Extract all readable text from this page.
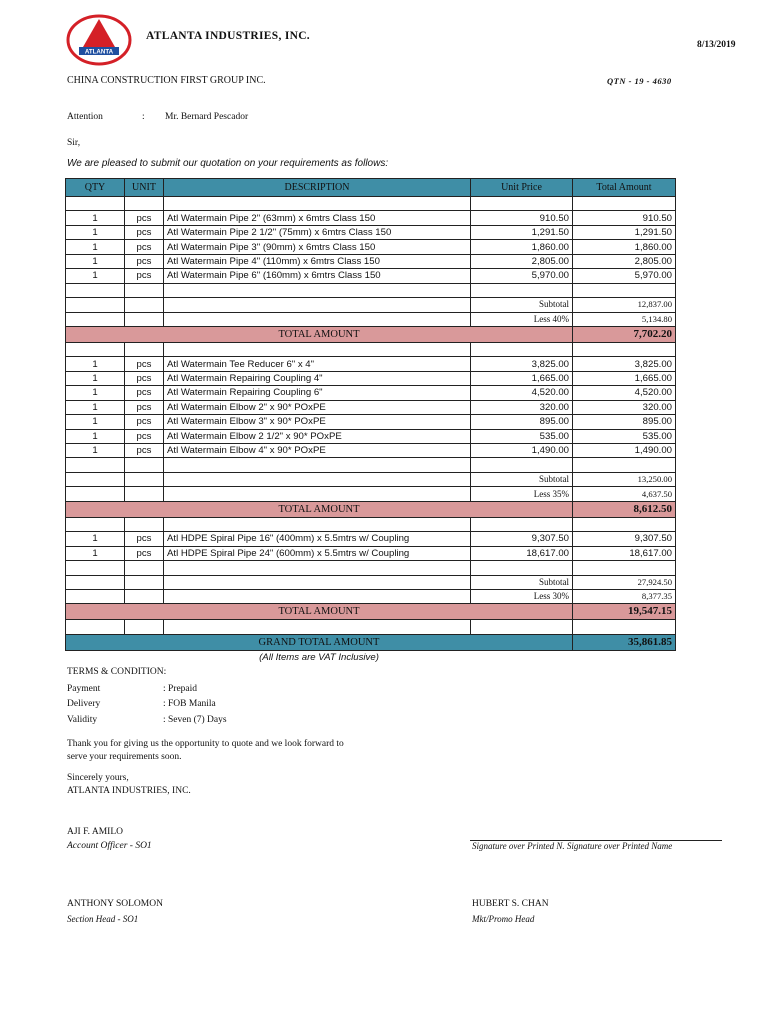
ATLANTA
ATLANTA INDUSTRIES, INC.
8/13/2019
CHINA CONSTRUCTION FIRST GROUP INC.	QTN - 19 - 4630
Attention	: Mr. Bernard Pescador
Sir,
We are pleased to submit our quotation on your requirements as follows:
QTY	UNIT	DESCRIPTION	Unit Price	Total Amount

1	pcs	Atl Watermain Pipe 2" (63mm) x 6mtrs Class 150	910.50	910.50
1	pcs	Atl Watermain Pipe 2 1/2" (75mm) x 6mtrs Class 150	1,291.50	1,291.50
1	pcs	Atl Watermain Pipe 3" (90mm) x 6mtrs Class 150	1,860.00	1,860.00
1	pcs	Atl Watermain Pipe 4" (110mm) x 6mtrs Class 150	2,805.00	2,805.00
1	pcs	Atl Watermain Pipe 6" (160mm) x 6mtrs Class 150	5,970.00	5,970.00

			Subtotal	12,837.00
			Less 40%	5,134.80
TOTAL AMOUNT				7,702.20

1	pcs	Atl Watermain Tee Reducer 6" x 4"	3,825.00	3,825.00
1	pcs	Atl Watermain Repairing Coupling 4"	1,665.00	1,665.00
1	pcs	Atl Watermain Repairing Coupling 6"	4,520.00	4,520.00
1	pcs	Atl Watermain Elbow 2" x 90* POxPE	320.00	320.00
1	pcs	Atl Watermain Elbow 3" x 90* POxPE	895.00	895.00
1	pcs	Atl Watermain Elbow 2 1/2" x 90* POxPE	535.00	535.00
1	pcs	Atl Watermain Elbow 4" x 90* POxPE	1,490.00	1,490.00

			Subtotal	13,250.00
			Less 35%	4,637.50
TOTAL AMOUNT				8,612.50

1	pcs	Atl HDPE Spiral Pipe 16" (400mm) x 5.5mtrs w/ Coupling	9,307.50	9,307.50
1	pcs	Atl HDPE Spiral Pipe 24" (600mm) x 5.5mtrs w/ Coupling	18,617.00	18,617.00

			Subtotal	27,924.50
			Less 30%	8,377.35
TOTAL AMOUNT				19,547.15

GRAND TOTAL AMOUNT				35,861.85
(All Items are VAT Inclusive)				
TERMS & CONDITION:
Payment	: Prepaid
Delivery	: FOB Manila
Validity	: Seven (7) Days
Thank you for giving us the opportunity to quote and we look forward to
serve your requirements soon.
Sincerely yours,
ATLANTA INDUSTRIES, INC.
AJI F. AMILO
Account Officer - SO1	Signature over Printed N. Signature over Printed Name
ANTHONY SOLOMON
Section Head - SO1
HUBERT S. CHAN
Mkt/Promo Head
